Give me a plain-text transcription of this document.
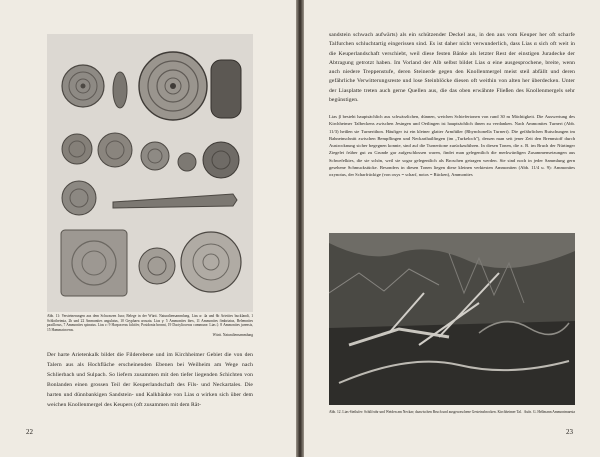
Abb. 11: Versteinerungen aus dem Schwarzen Jura; Belege in der Württ. Naturaliensammlung. Lias α: 4a und 6b Arietites bucklandi, 1 Schlotheimia, 2b und 22 Ammonites angulatus, 10 Gryphaea arcuata. Lias γ: 5 Ammonites ibex, 11 Ammonites fimbriatus, Belemnites paxillosus, 7 Ammonites spinatus. Lias ε: 9 Harpoceras falcifer, Posidonia bronni, 19 Dactylioceras commune. Lias ζ: 8 Ammonites jurensis, 15 Hammatoceras.
Württ. Naturaliensammlung

Der harte Arietenkalk bildet die Filderebene und im Kirchheimer Gebiet die von den Talern aus als Hochfläche erscheinenden Ebenen bei Weilheim am Wege nach Schlierbach und Sulpach. So liefern zusammen mit den tiefer liegenden Schichten von Bonlanden einen grossen Teil der Keuperlandschaft des Fils- und Neckartales. Die harten und dünnbankigen Sandstein- und Kalkbänke von Lias α wirken sich über dem weichen Knollenmergel des Keupers (oft zusammen mit dem Rät-

22

sandstein schwach aufwärts) als ein schützender Deckel aus, in den aus vom Keuper her oft scharfe Talfurchen schluchtartig eingerissen sind. Es ist daher nicht verwunderlich, dass Lias α sich oft weit in die Keuperlandschaft verschiebt, weil diese festen Bänke als letzter Rest der einstigen Juradecke der Abtragung getrotzt haben. Im Vorland der Alb selbst bildet Lias α eine ausgesprochene, breite, wenn auch niedere Treppenstufe, deren Steinerde gegen den Knollenmergel meist steil abfällt und deren gefährliche Verwitterungsreste und lose Steinblöcke diesen oft weithin von alten her überdecken. Unter der Liasplatte treten auch gerne Quellen aus, die das oben erwähnte Fließen des Knollenmergels sehr begünstigen.

Lias β besteht hauptsächlich aus schwärzlichen, dünnen, weichen Schiefertonen von rund 30 m Mächtigkeit. Die Auswertung des Kirchheimer Talbeckens zwischen Jesingen und Oetlingen ist hauptsächlich ihnen zu verdanken. Nach Ammonites Turneri (Abb. 11/3) heißen sie Turnerithon. Häufiger ist ein kleiner glatter Armfüßer (Rhynchonella Turneri). Die gefährlichen Rutschungen im Bahneinschnitt zwischen Bempflingen und Neckarthailfingen (im „Turkeloch"), dessen man seit jener Zeit den Brennstoff durch Austrocknung sicher begegnen konnte, sind auf die Turneritone zurückzuführen. In diesen Tonen, die z. B. im Bruch der Nürtinger Ziegelei früher gut zu Grunde gar aufgeschlossen waren, findet man gelegentlich die merkwürdigen Zusammensetzungen aus Schwefelkies, die sie schön, weil sie sogar gelegentlich als Broschen getragen werden. Sie sind noch in jeder Sammlung gern gesehene Schmuckstücke. Besonders in diesen Tonen liegen diese kleinen verkiesten Ammoniten (Abb. 11/4 u. 9): Ammonites oxynotus, der Scharfrückige (von oxys = scharf, notos = Rücken), Ammonites

Abb. 12. Lias-Steilufer: Schilfrohr und Weiden am Neckar; dazwischen Bruch und ausgewaschene Gesteinsbrocken. Kirchheimer Tal. Aufn. G. Hellmann Ammontmaesta

23
